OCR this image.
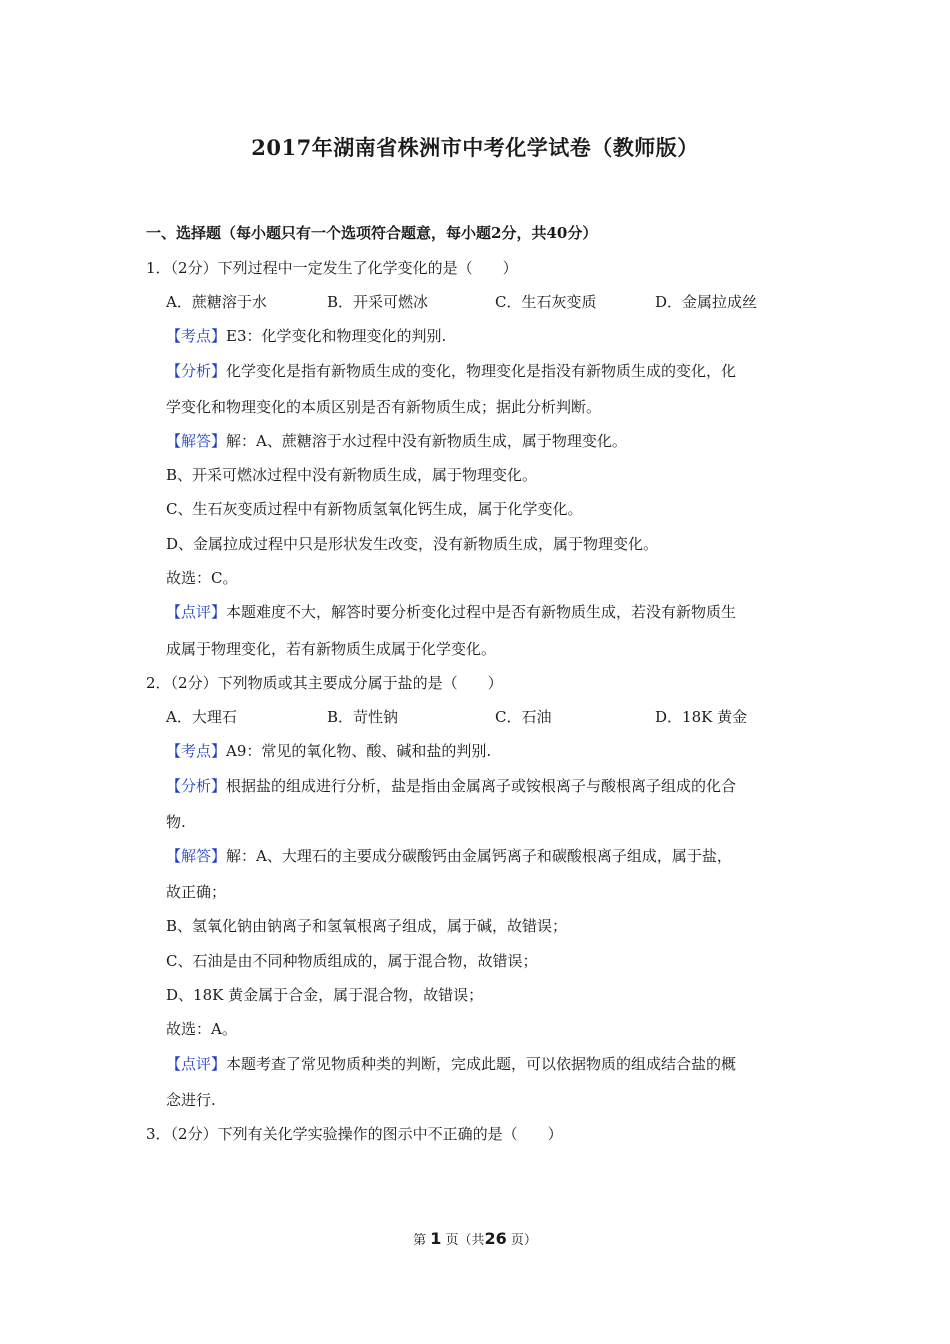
2017年湖南省株洲市中考化学试卷（教师版）
一、选择题（每小题只有一个选项符合题意，每小题2分，共40分）
1．（2分）下列过程中一定发生了化学变化的是（　　）
A．蔗糖溶于水	B．开采可燃冰	C．生石灰变质	D．金属拉成丝
【考点】E3：化学变化和物理变化的判别.
【分析】化学变化是指有新物质生成的变化，物理变化是指没有新物质生成的变化，化
学变化和物理变化的本质区别是否有新物质生成；据此分析判断。
【解答】解：A、蔗糖溶于水过程中没有新物质生成，属于物理变化。
B、开采可燃冰过程中没有新物质生成，属于物理变化。
C、生石灰变质过程中有新物质氢氧化钙生成，属于化学变化。
D、金属拉成过程中只是形状发生改变，没有新物质生成，属于物理变化。
故选：C。
【点评】本题难度不大，解答时要分析变化过程中是否有新物质生成，若没有新物质生
成属于物理变化，若有新物质生成属于化学变化。
2．（2分）下列物质或其主要成分属于盐的是（　　）
A．大理石	B．苛性钠	C．石油	D．18K 黄金
【考点】A9：常见的氧化物、酸、碱和盐的判别.
【分析】根据盐的组成进行分析，盐是指由金属离子或铵根离子与酸根离子组成的化合
物.
【解答】解：A、大理石的主要成分碳酸钙由金属钙离子和碳酸根离子组成，属于盐，
故正确；
B、氢氧化钠由钠离子和氢氧根离子组成，属于碱，故错误；
C、石油是由不同种物质组成的，属于混合物，故错误；
D、18K 黄金属于合金，属于混合物，故错误；
故选：A。
【点评】本题考查了常见物质种类的判断，完成此题，可以依据物质的组成结合盐的概
念进行.
3．（2分）下列有关化学实验操作的图示中不正确的是（　　）
第 1 页（共26 页）
